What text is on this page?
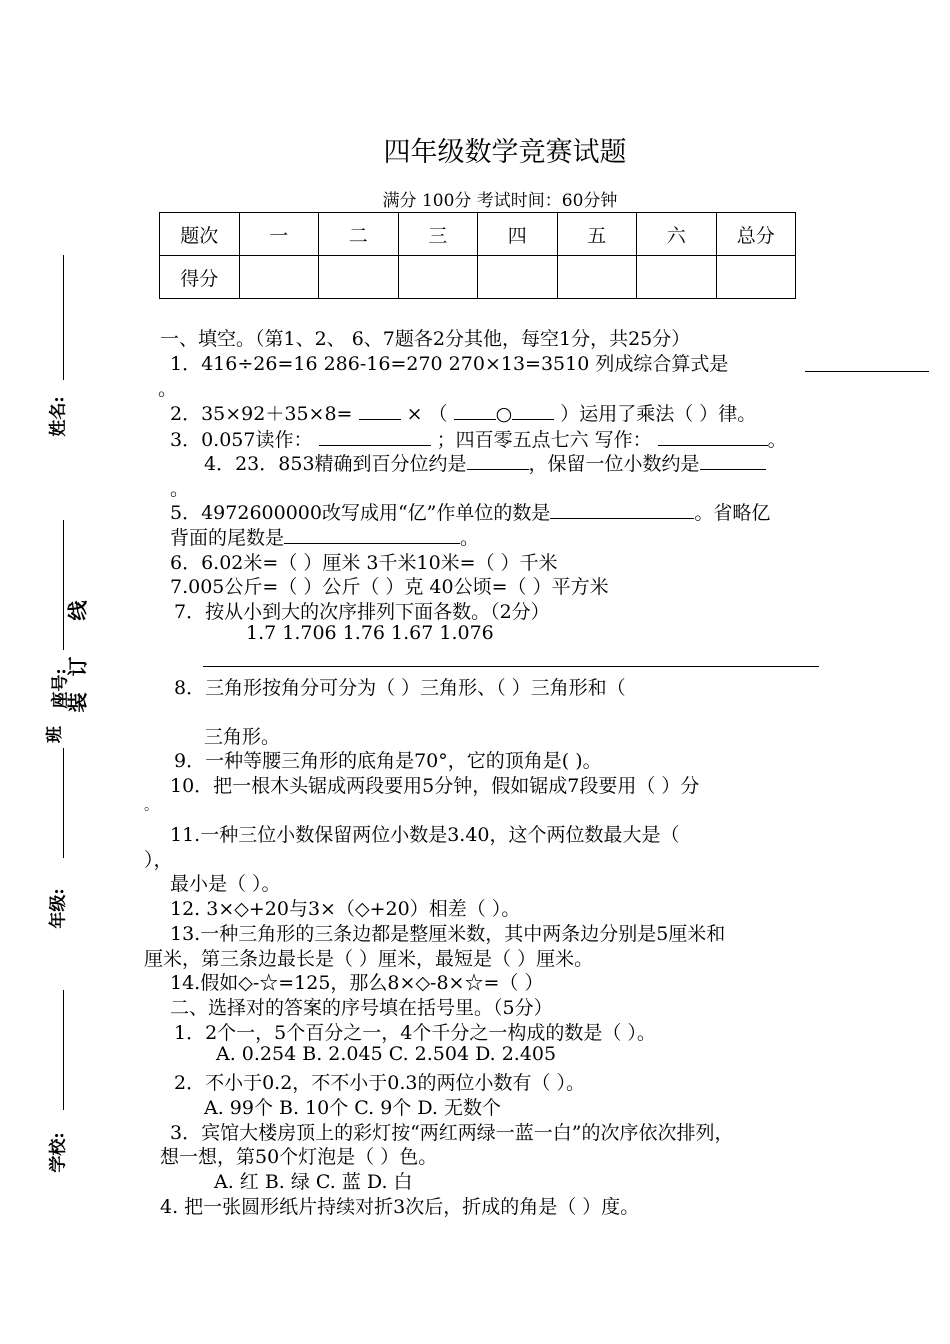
四年级数学竞赛试题
满分 100分 考试时间：60分钟
题次	一	二	三	四	五	六	总分
得分							
姓名:
座号:
班
年级:
学校:
装
订
线
一、填空。（第1、2、 6、7题各2分其他，每空1分，共25分）
1．416÷26=16 286-16=270 270×13=3510 列成综合算式是
。
2．35×92＋35×8=	× （	○	）运用了乘法（ ）律。
3．0.057读作：	；四百零五点七六 写作：	。
4．23．853精确到百分位约是	，保留一位小数约是
。
5．4972600000改写成用“亿”作单位的数是	。省略亿
背面的尾数是	。
6．6.02米=（ ）厘米 3千米10米=（ ）千米
7.005公斤=（ ）公斤（ ）克 40公顷=（ ）平方米
7．按从小到大的次序排列下面各数。（2分）
1.7 1.706 1.76 1.67 1.076
8．三角形按角分可分为（ ）三角形、（ ）三角形和（
三角形。
9．一种等腰三角形的底角是70°，它的顶角是( )。
10．把一根木头锯成两段要用5分钟，假如锯成7段要用（ ）分
。
11.一种三位小数保留两位小数是3.40，这个两位数最大是（
），
最小是（ ）。
12. 3×◇+20与3×（◇+20）相差（ ）。
13.一种三角形的三条边都是整厘米数，其中两条边分别是5厘米和
厘米，第三条边最长是（ ）厘米，最短是（ ）厘米。
14.假如◇-☆=125，那么8×◇-8×☆=（ ）
二、选择对的答案的序号填在括号里。（5分）
1．2个一，5个百分之一，4个千分之一构成的数是（ ）。
A. 0.254 B. 2.045 C. 2.504 D. 2.405
2．不小于0.2，不不小于0.3的两位小数有（ ）。
A. 99个 B. 10个 C. 9个 D. 无数个
3．宾馆大楼房顶上的彩灯按“两红两绿一蓝一白”的次序依次排列，
想一想，第50个灯泡是（ ）色。
A. 红 B. 绿 C. 蓝 D. 白
4. 把一张圆形纸片持续对折3次后，折成的角是（ ）度。
